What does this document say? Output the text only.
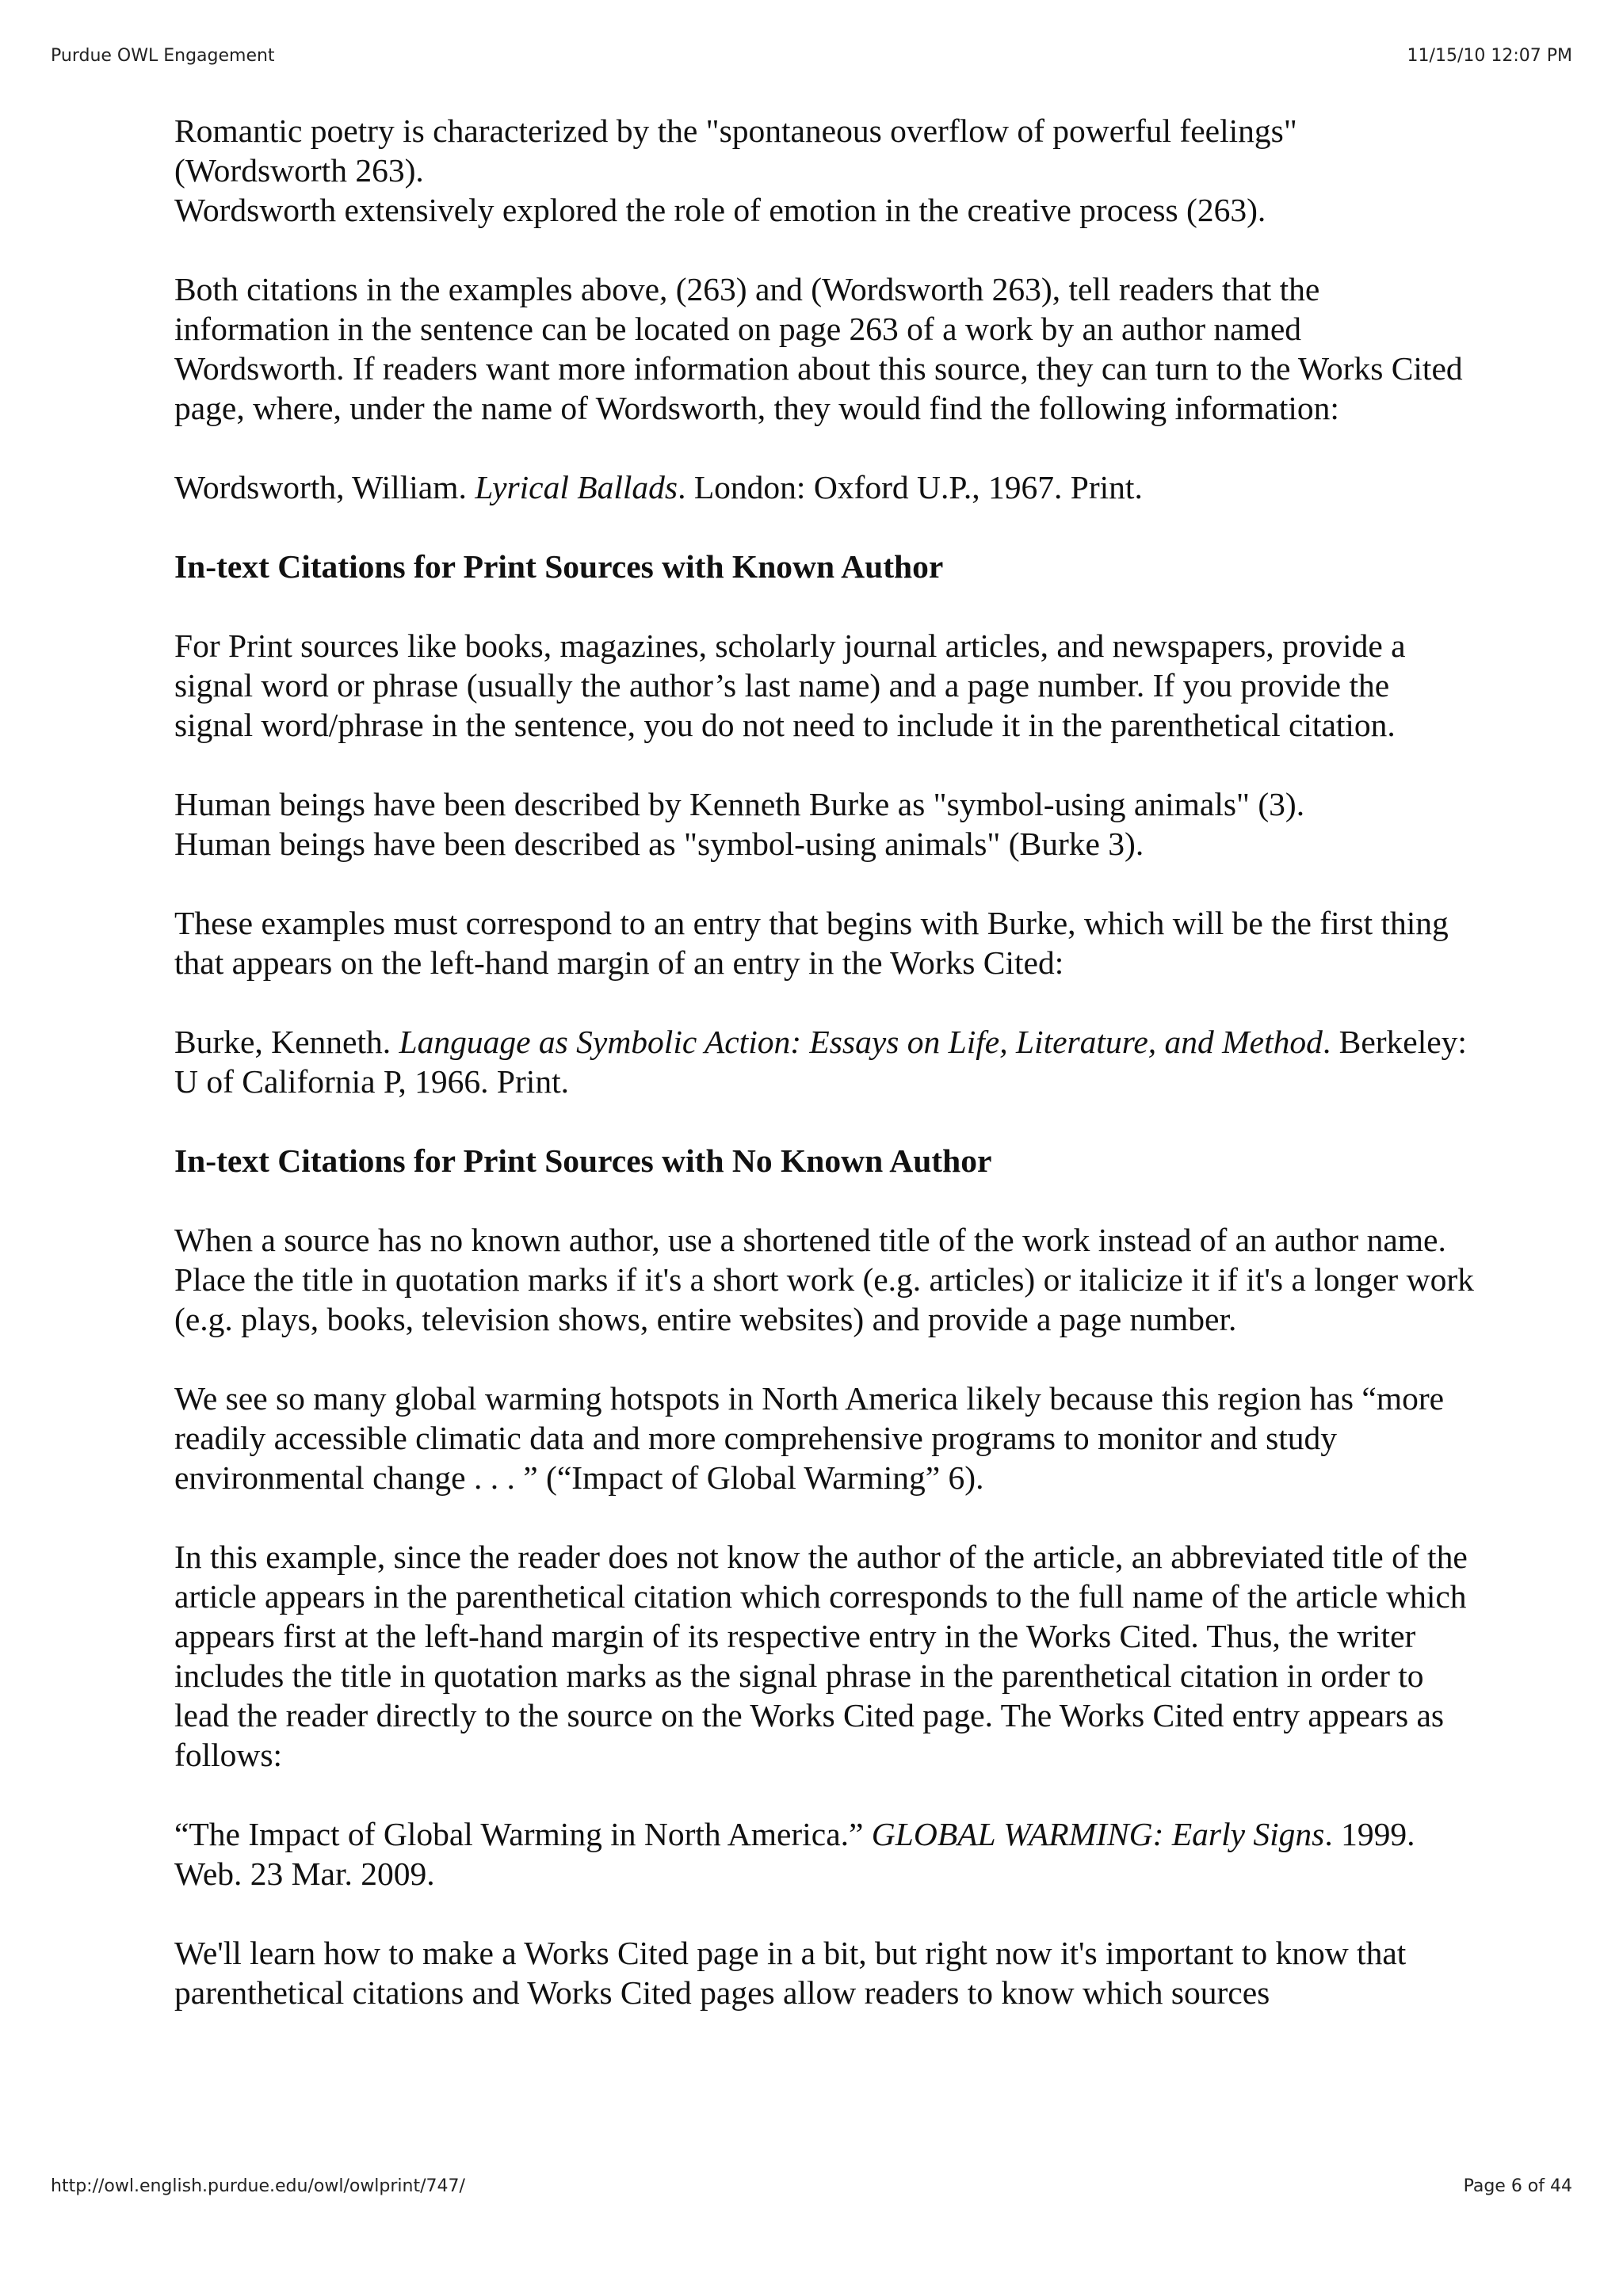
Purdue OWL Engagement	11/15/10 12:07 PM

Romantic poetry is characterized by the "spontaneous overflow of powerful feelings" (Wordsworth 263).

Wordsworth extensively explored the role of emotion in the creative process (263).

Both citations in the examples above, (263) and (Wordsworth 263), tell readers that the information in the sentence can be located on page 263 of a work by an author named Wordsworth. If readers want more information about this source, they can turn to the Works Cited page, where, under the name of Wordsworth, they would find the following information:

Wordsworth, William. Lyrical Ballads. London: Oxford U.P., 1967. Print.

In-text Citations for Print Sources with Known Author

For Print sources like books, magazines, scholarly journal articles, and newspapers, provide a signal word or phrase (usually the author’s last name) and a page number. If you provide the signal word/phrase in the sentence, you do not need to include it in the parenthetical citation.

Human beings have been described by Kenneth Burke as "symbol-using animals" (3).

Human beings have been described as "symbol-using animals" (Burke 3).

These examples must correspond to an entry that begins with Burke, which will be the first thing that appears on the left-hand margin of an entry in the Works Cited:

Burke, Kenneth. Language as Symbolic Action: Essays on Life, Literature, and Method. Berkeley: U of California P, 1966. Print.

In-text Citations for Print Sources with No Known Author

When a source has no known author, use a shortened title of the work instead of an author name. Place the title in quotation marks if it's a short work (e.g. articles) or italicize it if it's a longer work (e.g. plays, books, television shows, entire websites) and provide a page number.

We see so many global warming hotspots in North America likely because this region has “more readily accessible climatic data and more comprehensive programs to monitor and study environmental change . . . ” (“Impact of Global Warming” 6).

In this example, since the reader does not know the author of the article, an abbreviated title of the article appears in the parenthetical citation which corresponds to the full name of the article which appears first at the left-hand margin of its respective entry in the Works Cited. Thus, the writer includes the title in quotation marks as the signal phrase in the parenthetical citation in order to lead the reader directly to the source on the Works Cited page. The Works Cited entry appears as follows:

“The Impact of Global Warming in North America.” GLOBAL WARMING: Early Signs. 1999. Web. 23 Mar. 2009.

We'll learn how to make a Works Cited page in a bit, but right now it's important to know that parenthetical citations and Works Cited pages allow readers to know which sources

http://owl.english.purdue.edu/owl/owlprint/747/	Page 6 of 44
